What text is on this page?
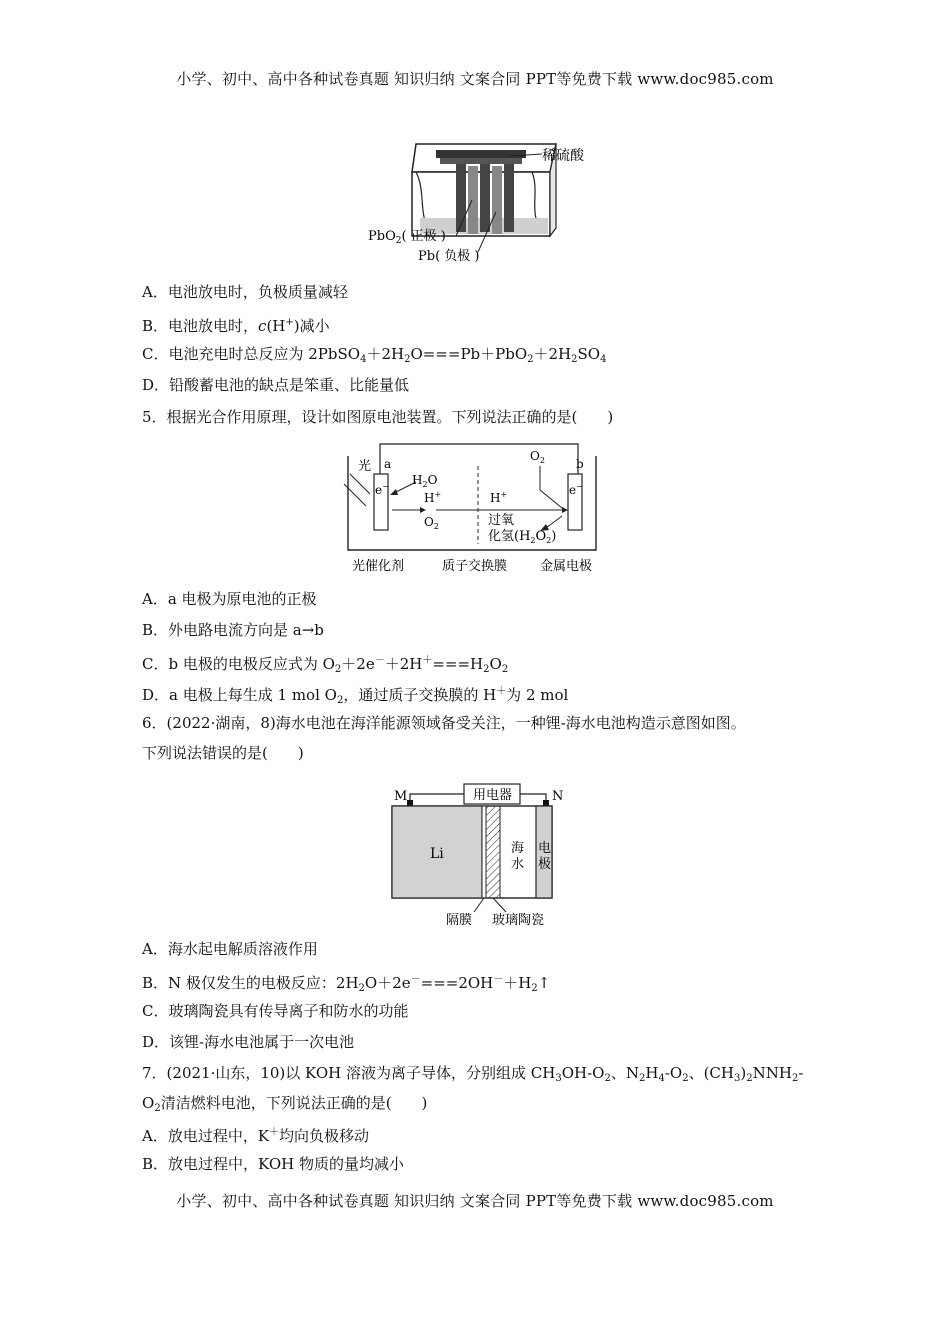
小学、初中、高中各种试卷真题 知识归纳 文案合同 PPT等免费下载 www.doc985.com
稀硫酸
PbO$_2$( 正极 )
Pb( 负极 )
A．电池放电时，负极质量减轻
B．电池放电时，c(H+)减小
C．电池充电时总反应为 $2PbSO_4+2H_2O===Pb+PbO_2+2H_2SO_4$
D．铅酸蓄电池的缺点是笨重、比能量低
5．根据光合作用原理，设计如图原电池装置。下列说法正确的是(　　)
光 a	b
e−	e−
$H_2O$
H+	H+
$O_2$
$O_2$
过氧
化氢$(H_2O_2)$
光催化剂	质子交换膜	金属电极
A．a 电极为原电池的正极
B．外电路电流方向是 a→b
C．b 电极的电极反应式为 $O_2+2e^-+2H^+===H_2O_2$
D．a 电极上每生成 1 mol $O_2$，通过质子交换膜的 H＋为 2 mol
6．(2022·湖南，8)海水电池在海洋能源领域备受关注，一种锂-海水电池构造示意图如图。
下列说法错误的是(　　)
M	N
用电器
Li	海
水
电
极
隔膜 玻璃陶瓷
A．海水起电解质溶液作用
B．N 极仅发生的电极反应：$2H_2O+2e^-===2OH^-+H_2↑$
C．玻璃陶瓷具有传导离子和防水的功能
D．该锂-海水电池属于一次电池
7．(2021·山东，10)以 KOH 溶液为离子导体，分别组成 $CH_3OH-O_2$、$N_2H_4-O_2$、$(CH_3)_2NNH_2-$
$O_2$清洁燃料电池，下列说法正确的是(　　)
A．放电过程中，K＋均向负极移动
B．放电过程中，KOH 物质的量均减小
小学、初中、高中各种试卷真题 知识归纳 文案合同 PPT等免费下载 www.doc985.com
